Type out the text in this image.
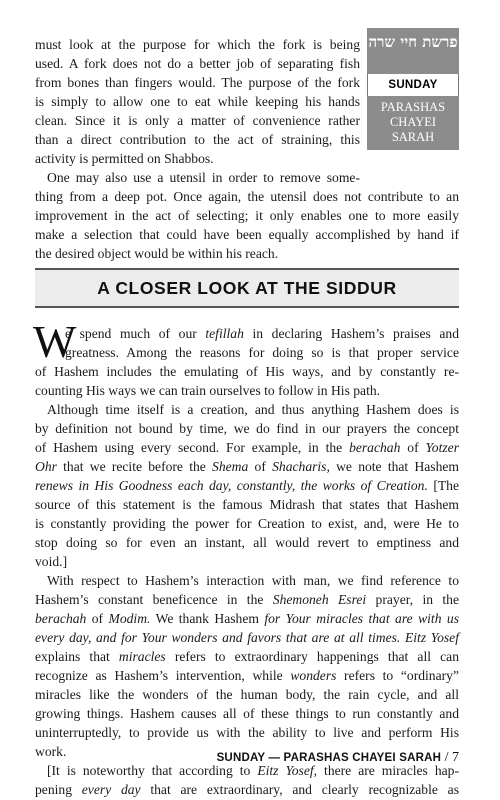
פרשת חיי שרה
SUNDAY
PARASHAS
CHAYEI
SARAH
must look at the purpose for which the fork is being
used. A fork does not do a better job of separating fish
from bones than fingers would. The purpose of the fork
is simply to allow one to eat while keeping his hands
clean. Since it is only a matter of convenience rather
than a direct contribution to the act of straining, this
activity is permitted on Shabbos.
One may also use a utensil in order to remove some-
thing from a deep pot. Once again, the utensil does not contribute to an
improvement in the act of selecting; it only enables one to more easily
make a selection that could have been equally accomplished by hand if
the desired object would be within his reach.
A CLOSER LOOK AT THE SIDDUR
W
e spend much of our tefillah in declaring Hashem’s praises and
greatness. Among the reasons for doing so is that proper service
of Hashem includes the emulating of His ways, and by constantly re-
counting His ways we can train ourselves to follow in His path.
Although time itself is a creation, and thus anything Hashem does is
by definition not bound by time, we do find in our prayers the concept
of Hashem using every second. For example, in the berachah of Yotzer
Ohr that we recite before the Shema of Shacharis, we note that Hashem
renews in His Goodness each day, constantly, the works of Creation. [The
source of this statement is the famous Midrash that states that Hashem
is constantly providing the power for Creation to exist, and, were He to
stop doing so for even an instant, all would revert to emptiness and
void.]
With respect to Hashem’s interaction with man, we find reference to
Hashem’s constant beneficence in the Shemoneh Esrei prayer, in the
berachah of Modim. We thank Hashem for Your miracles that are with us
every day, and for Your wonders and favors that are at all times. Eitz Yosef
explains that miracles refers to extraordinary happenings that all can
recognize as Hashem’s intervention, while wonders refers to “ordinary”
miracles like the wonders of the human body, the rain cycle, and all
growing things. Hashem causes all of these things to run constantly and
uninterruptedly, to provide us with the ability to live and perform His
work.
[It is noteworthy that according to Eitz Yosef, there are miracles hap-
pening every day that are extraordinary, and clearly recognizable as
SUNDAY — PARASHAS CHAYEI SARAH / 7
